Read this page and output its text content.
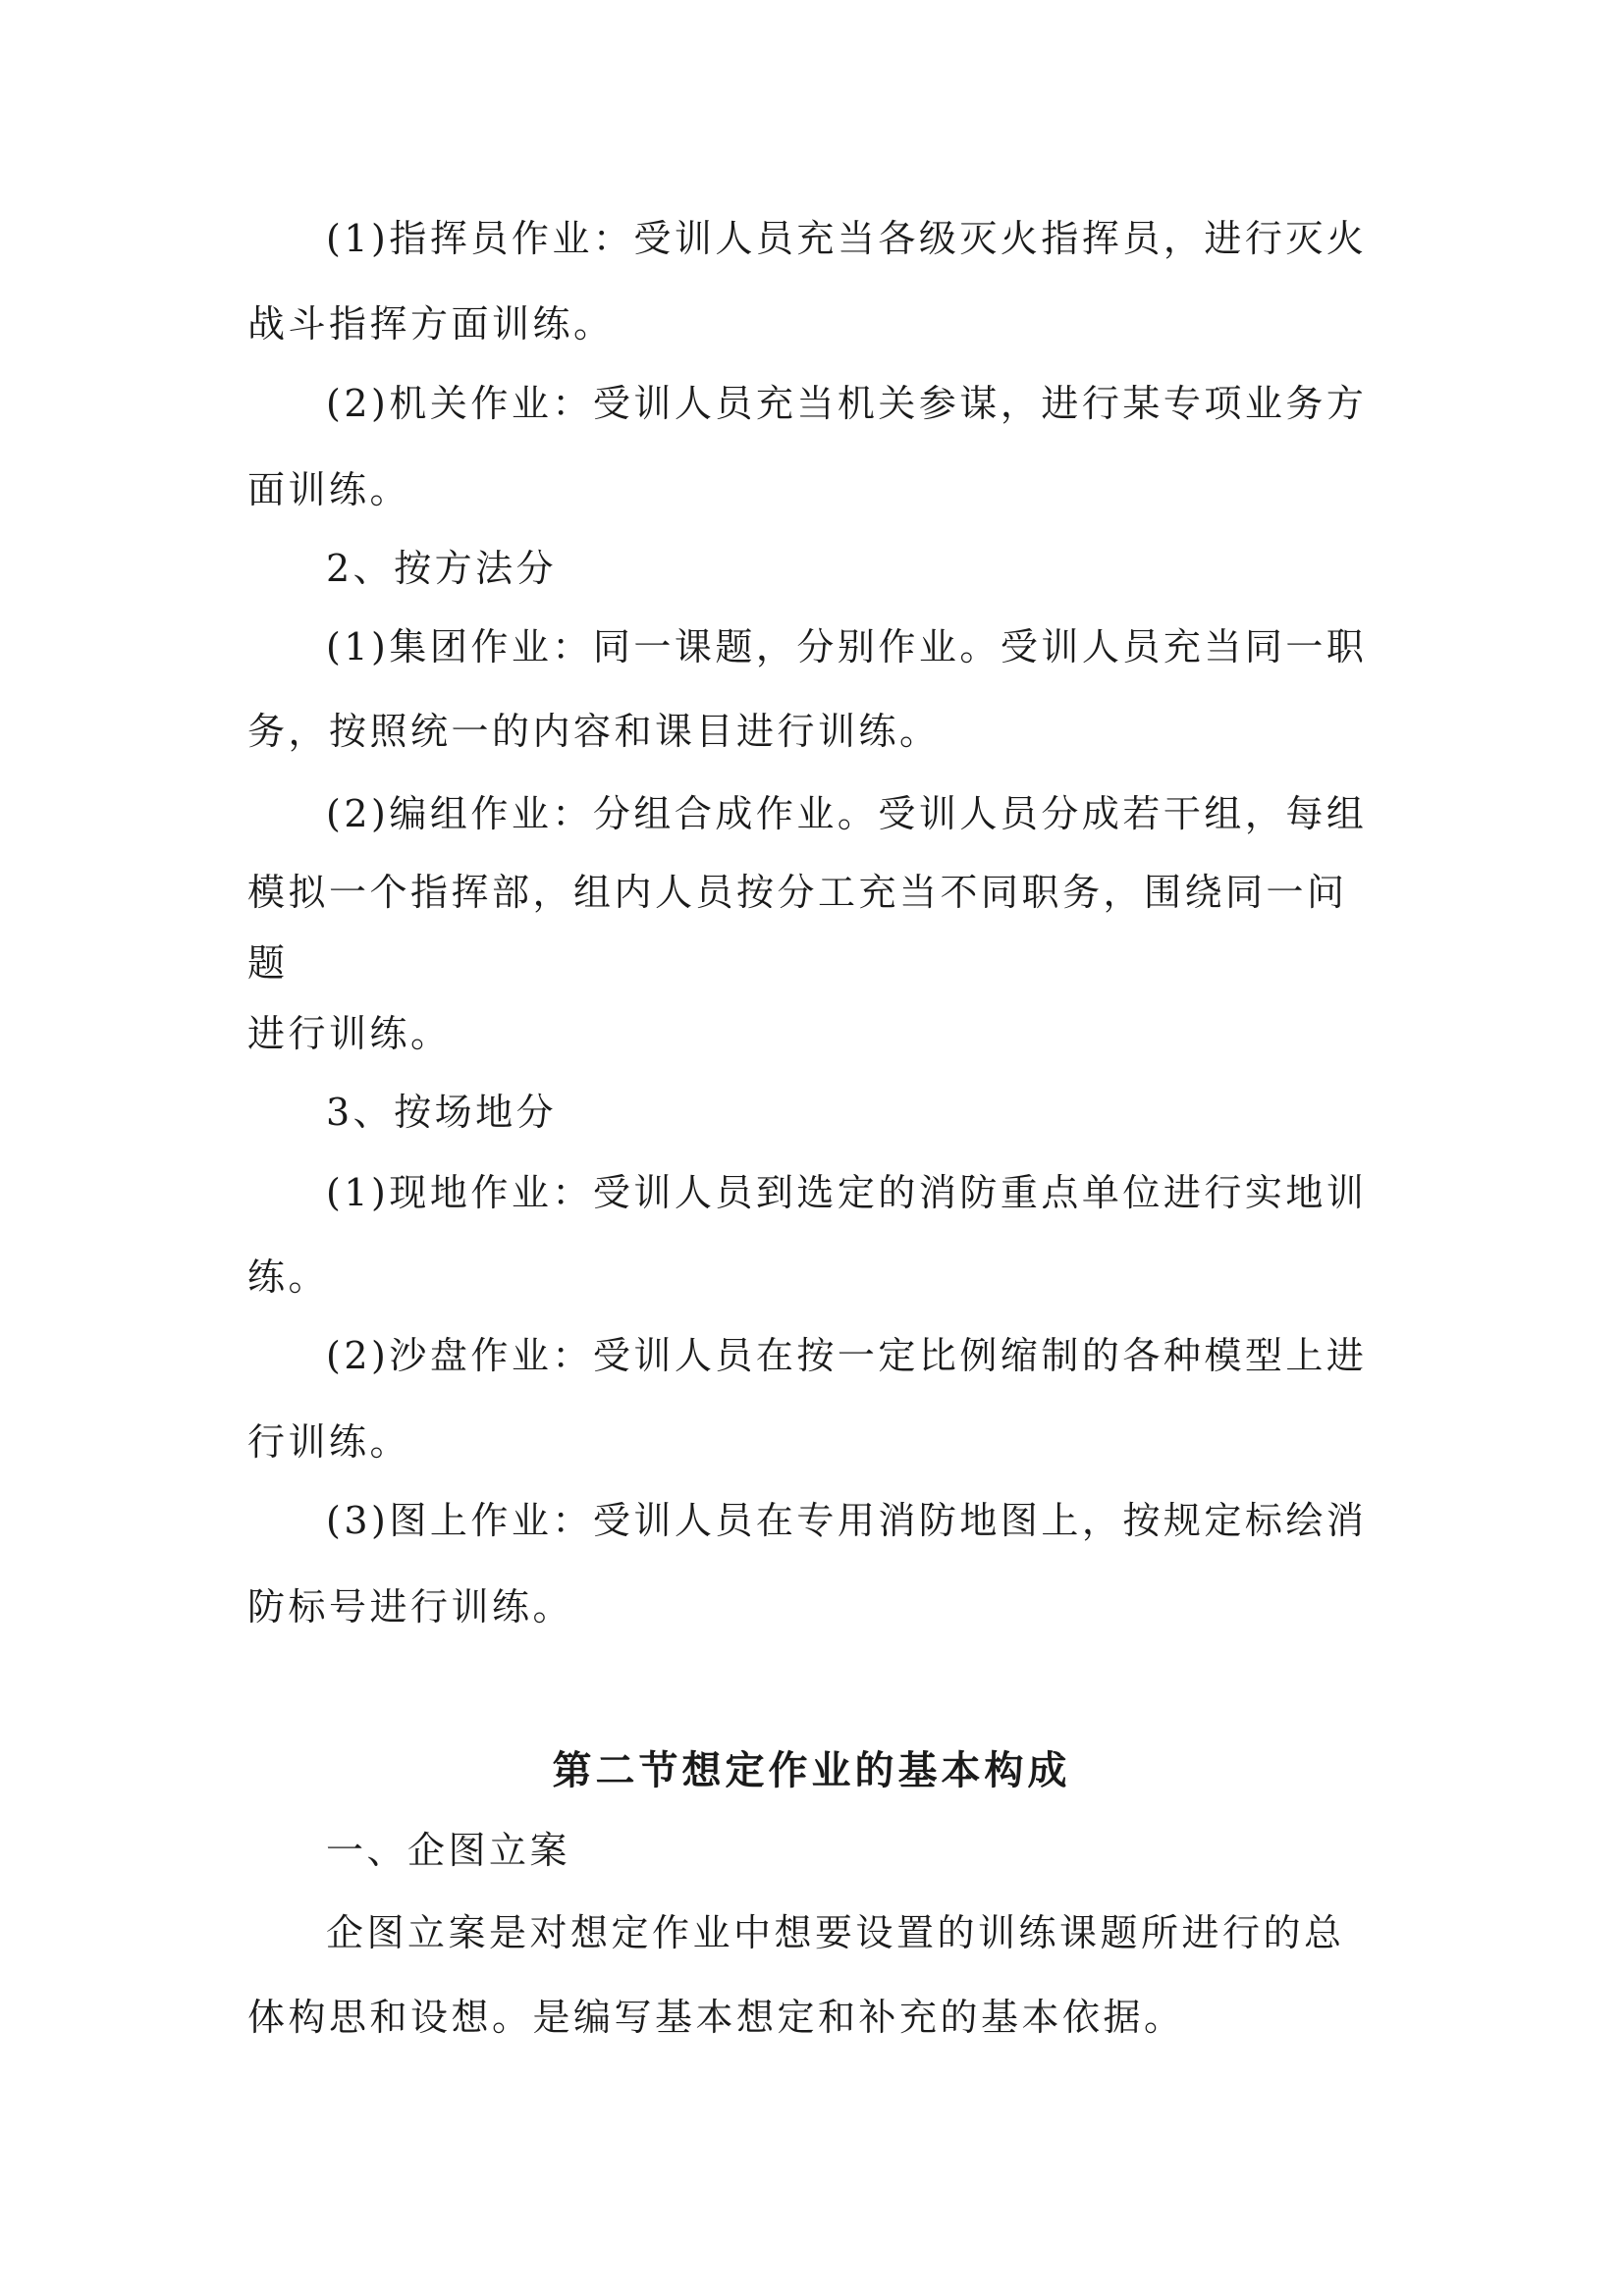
(1)指挥员作业：受训人员充当各级灭火指挥员，进行灭火
战斗指挥方面训练。
(2)机关作业：受训人员充当机关参谋，进行某专项业务方
面训练。
2、按方法分
(1)集团作业：同一课题，分别作业。受训人员充当同一职
务，按照统一的内容和课目进行训练。
(2)编组作业：分组合成作业。受训人员分成若干组，每组
模拟一个指挥部，组内人员按分工充当不同职务，围绕同一问
题
进行训练。
3、按场地分
(1)现地作业：受训人员到选定的消防重点单位进行实地训
练。
(2)沙盘作业：受训人员在按一定比例缩制的各种模型上进
行训练。
(3)图上作业：受训人员在专用消防地图上，按规定标绘消
防标号进行训练。
第二节想定作业的基本构成
一、企图立案
企图立案是对想定作业中想要设置的训练课题所进行的总
体构思和设想。是编写基本想定和补充的基本依据。
